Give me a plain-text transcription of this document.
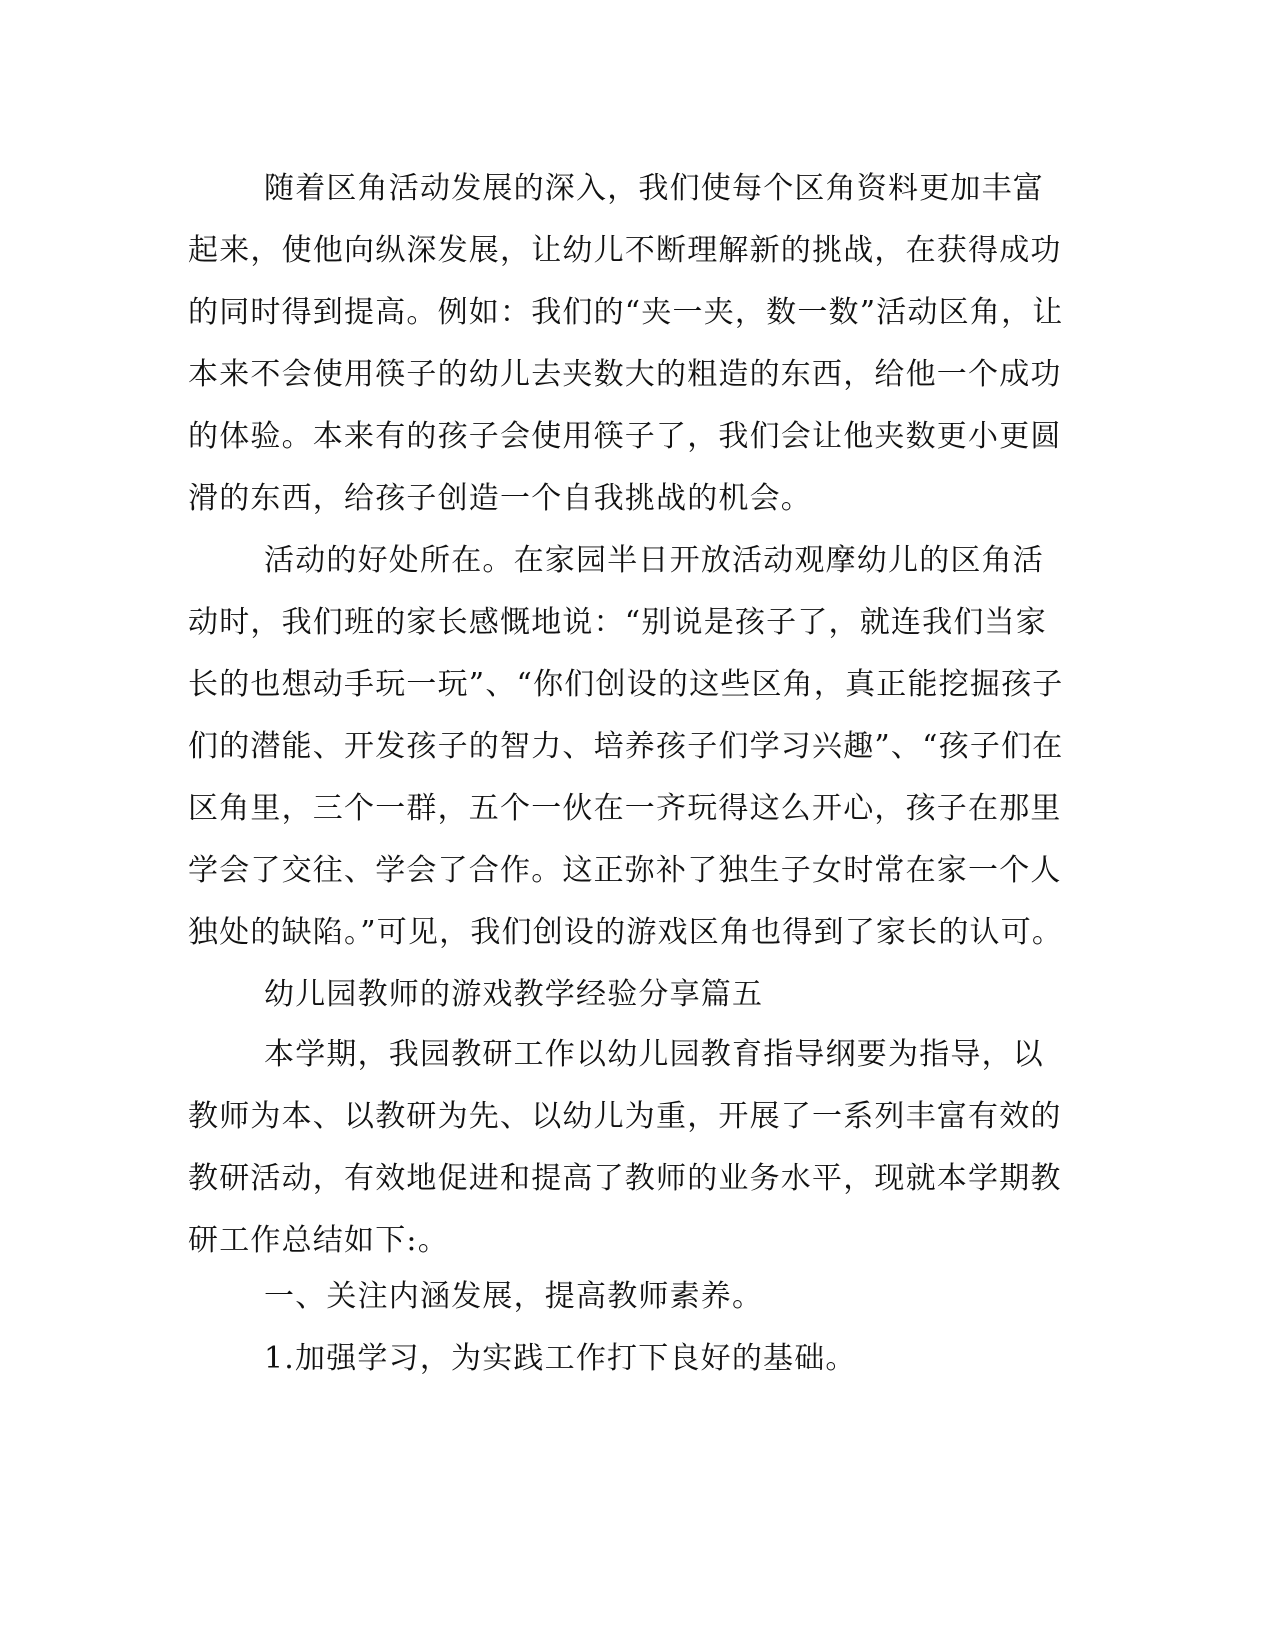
随着区角活动发展的深入，我们使每个区角资料更加丰富起来，使他向纵深发展，让幼儿不断理解新的挑战，在获得成功的同时得到提高。例如：我们的“夹一夹，数一数”活动区角，让本来不会使用筷子的幼儿去夹数大的粗造的东西，给他一个成功的体验。本来有的孩子会使用筷子了，我们会让他夹数更小更圆滑的东西，给孩子创造一个自我挑战的机会。

活动的好处所在。在家园半日开放活动观摩幼儿的区角活动时，我们班的家长感慨地说：“别说是孩子了，就连我们当家长的也想动手玩一玩”、“你们创设的这些区角，真正能挖掘孩子们的潜能、开发孩子的智力、培养孩子们学习兴趣”、“孩子们在区角里，三个一群，五个一伙在一齐玩得这么开心，孩子在那里学会了交往、学会了合作。这正弥补了独生子女时常在家一个人独处的缺陷。”可见，我们创设的游戏区角也得到了家长的认可。

幼儿园教师的游戏教学经验分享篇五

本学期，我园教研工作以幼儿园教育指导纲要为指导，以教师为本、以教研为先、以幼儿为重，开展了一系列丰富有效的教研活动，有效地促进和提高了教师的业务水平，现就本学期教研工作总结如下:。

一、关注内涵发展，提高教师素养。

1.加强学习，为实践工作打下良好的基础。
